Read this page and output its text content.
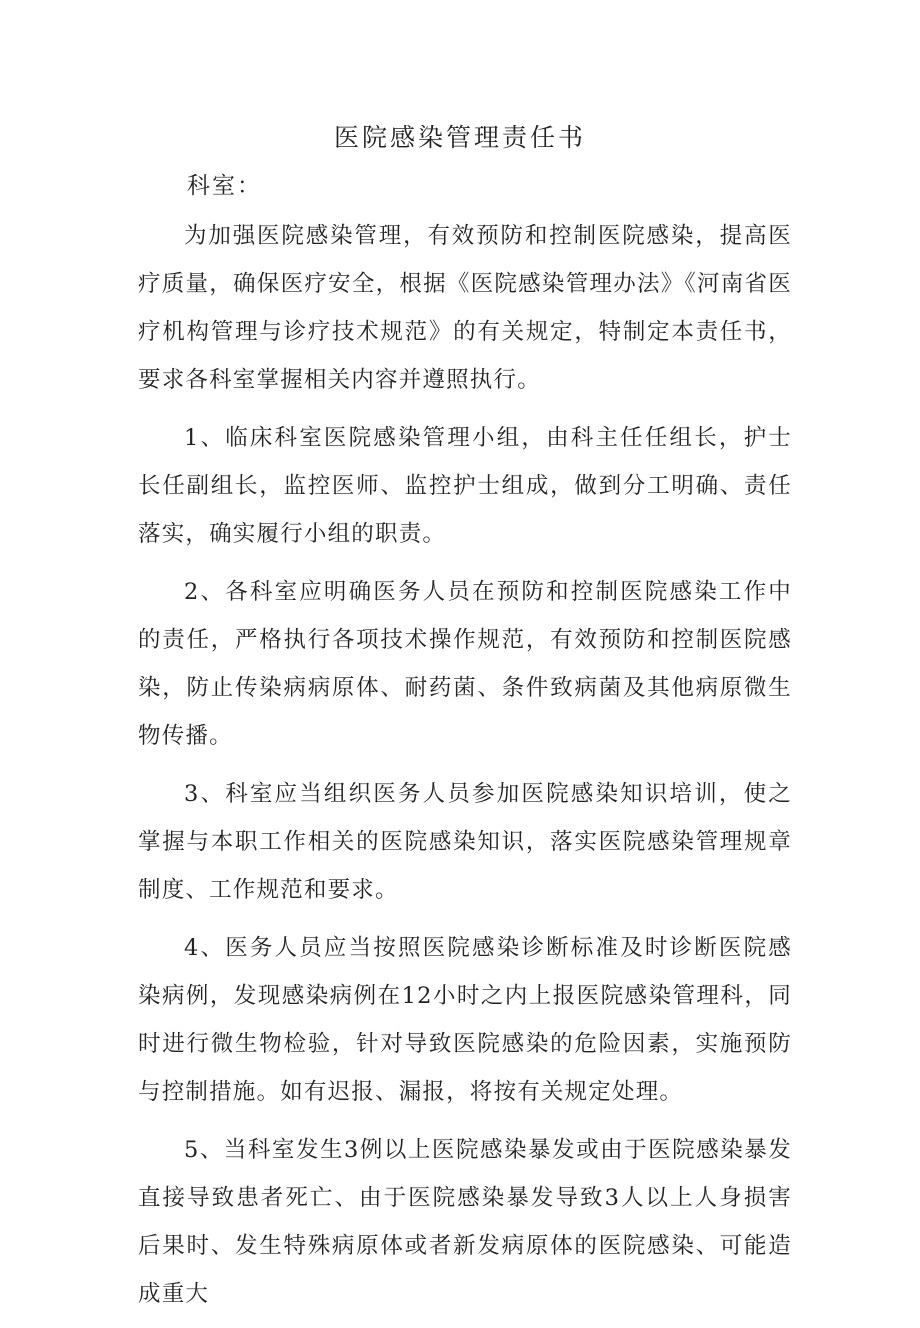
医院感染管理责任书
科室：

为加强医院感染管理，有效预防和控制医院感染，提高医疗质量，确保医疗安全，根据《医院感染管理办法》《河南省医疗机构管理与诊疗技术规范》的有关规定，特制定本责任书，要求各科室掌握相关内容并遵照执行。

1、临床科室医院感染管理小组，由科主任任组长，护士长任副组长，监控医师、监控护士组成，做到分工明确、责任落实，确实履行小组的职责。

2、各科室应明确医务人员在预防和控制医院感染工作中的责任，严格执行各项技术操作规范，有效预防和控制医院感染，防止传染病病原体、耐药菌、条件致病菌及其他病原微生物传播。

3、科室应当组织医务人员参加医院感染知识培训，使之掌握与本职工作相关的医院感染知识，落实医院感染管理规章制度、工作规范和要求。

4、医务人员应当按照医院感染诊断标准及时诊断医院感染病例，发现感染病例在12小时之内上报医院感染管理科，同时进行微生物检验，针对导致医院感染的危险因素，实施预防与控制措施。如有迟报、漏报，将按有关规定处理。

5、当科室发生3例以上医院感染暴发或由于医院感染暴发直接导致患者死亡、由于医院感染暴发导致3人以上人身损害后果时、发生特殊病原体或者新发病原体的医院感染、可能造成重大
